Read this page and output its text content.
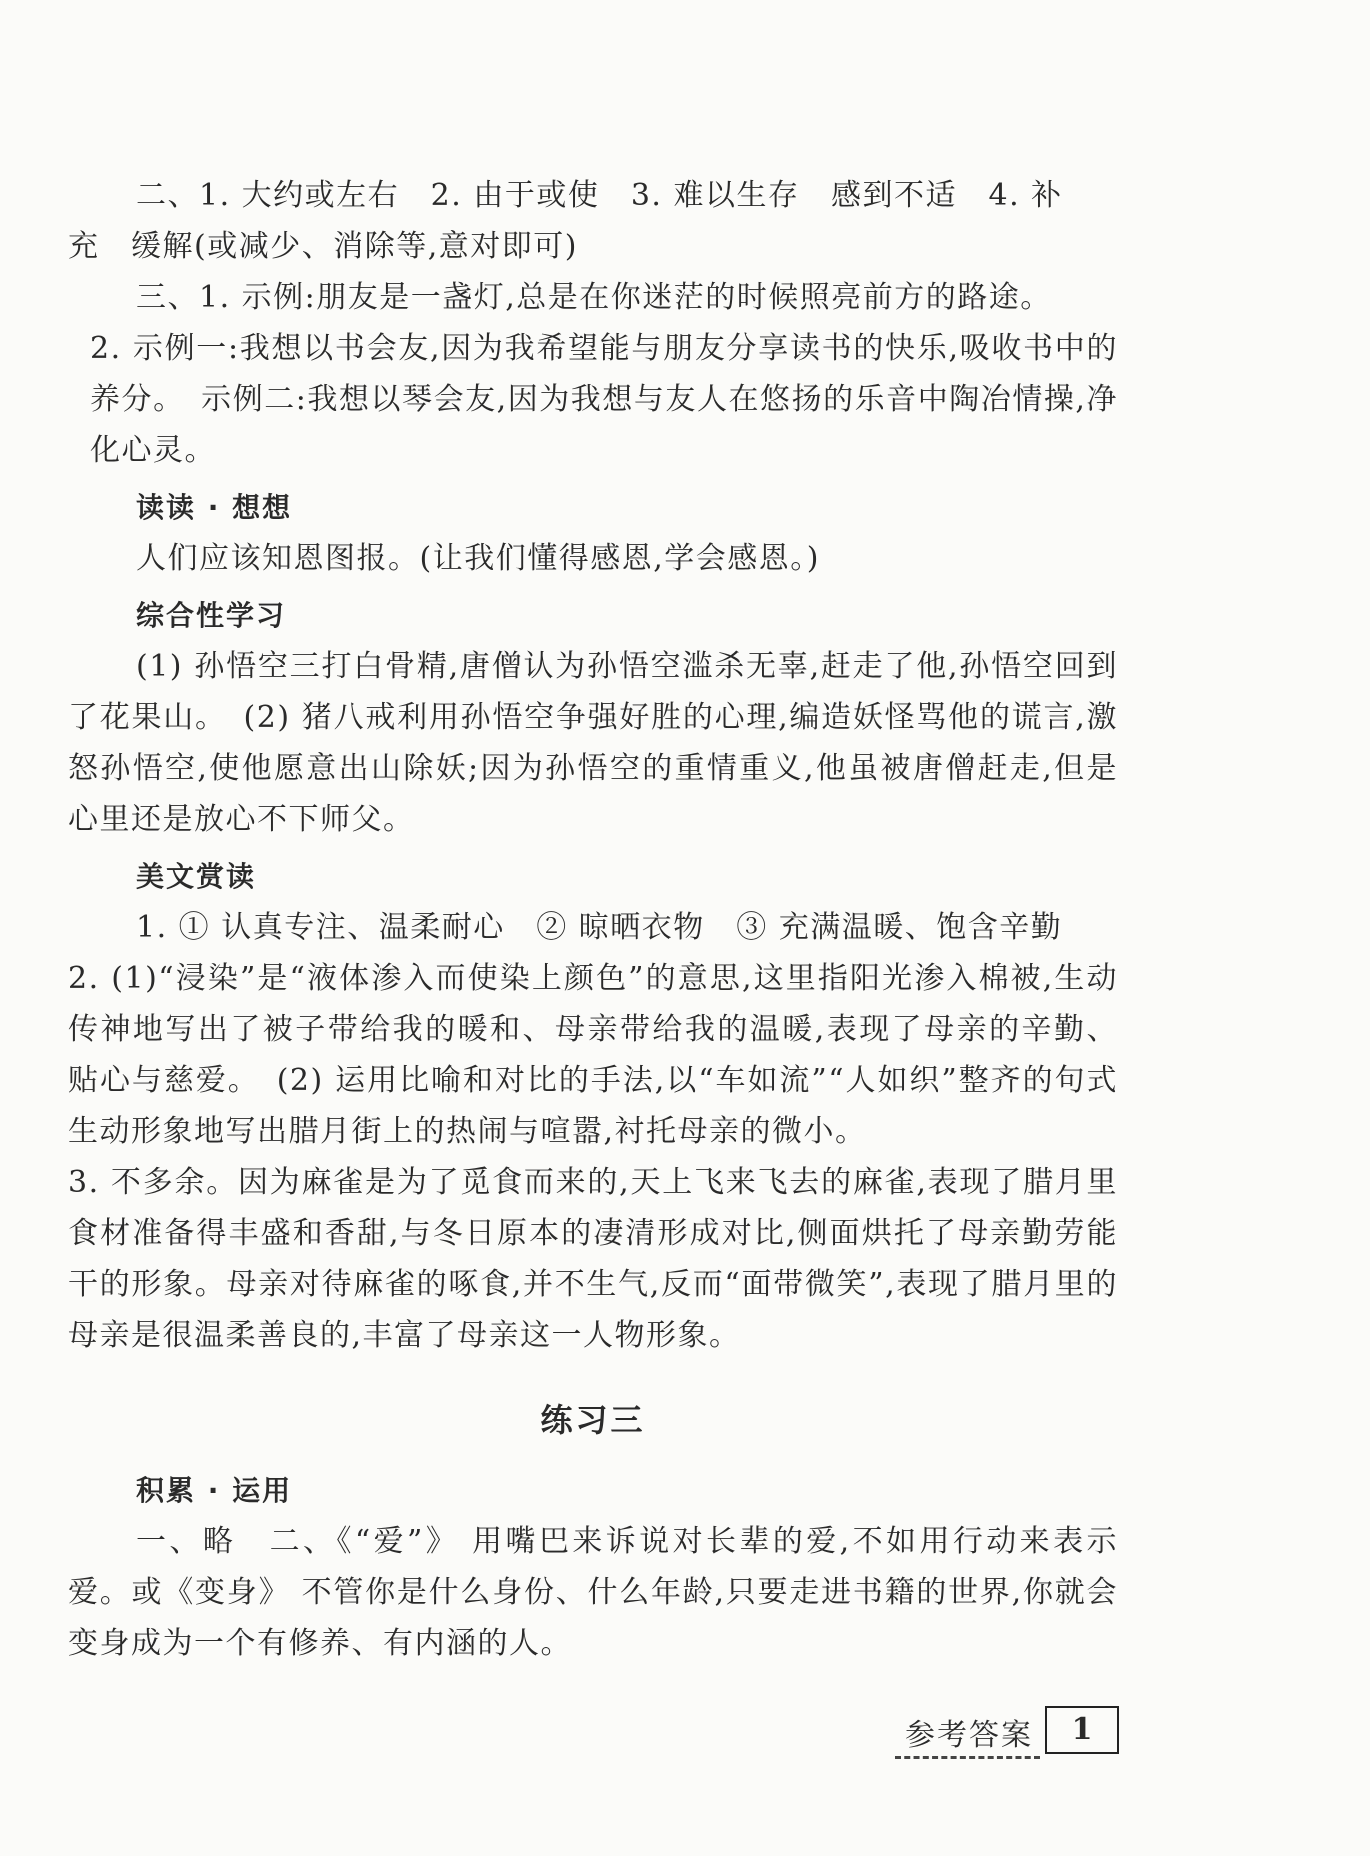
二、1. 大约或左右　2. 由于或使　3. 难以生存　感到不适　4. 补

充　缓解(或减少、消除等,意对即可)

三、1. 示例:朋友是一盏灯,总是在你迷茫的时候照亮前方的路途。

2. 示例一:我想以书会友,因为我希望能与朋友分享读书的快乐,吸收书中的养分。　示例二:我想以琴会友,因为我想与友人在悠扬的乐音中陶冶情操,净化心灵。

读读 · 想想

人们应该知恩图报。(让我们懂得感恩,学会感恩。)

综合性学习

(1) 孙悟空三打白骨精,唐僧认为孙悟空滥杀无辜,赶走了他,孙悟空回到了花果山。　(2) 猪八戒利用孙悟空争强好胜的心理,编造妖怪骂他的谎言,激怒孙悟空,使他愿意出山除妖;因为孙悟空的重情重义,他虽被唐僧赶走,但是心里还是放心不下师父。

美文赏读

1. ① 认真专注、温柔耐心　② 晾晒衣物　③ 充满温暖、饱含辛勤

2. (1)“浸染”是“液体渗入而使染上颜色”的意思,这里指阳光渗入棉被,生动传神地写出了被子带给我的暖和、母亲带给我的温暖,表现了母亲的辛勤、贴心与慈爱。　(2) 运用比喻和对比的手法,以“车如流”“人如织”整齐的句式生动形象地写出腊月街上的热闹与喧嚣,衬托母亲的微小。

3. 不多余。因为麻雀是为了觅食而来的,天上飞来飞去的麻雀,表现了腊月里食材准备得丰盛和香甜,与冬日原本的凄清形成对比,侧面烘托了母亲勤劳能干的形象。母亲对待麻雀的啄食,并不生气,反而“面带微笑”,表现了腊月里的母亲是很温柔善良的,丰富了母亲这一人物形象。

练习三
积累 · 运用

一、略　二、《“爱”》 用嘴巴来诉说对长辈的爱,不如用行动来表示爱。或《变身》 不管你是什么身份、什么年龄,只要走进书籍的世界,你就会变身成为一个有修养、有内涵的人。

参考答案	1
